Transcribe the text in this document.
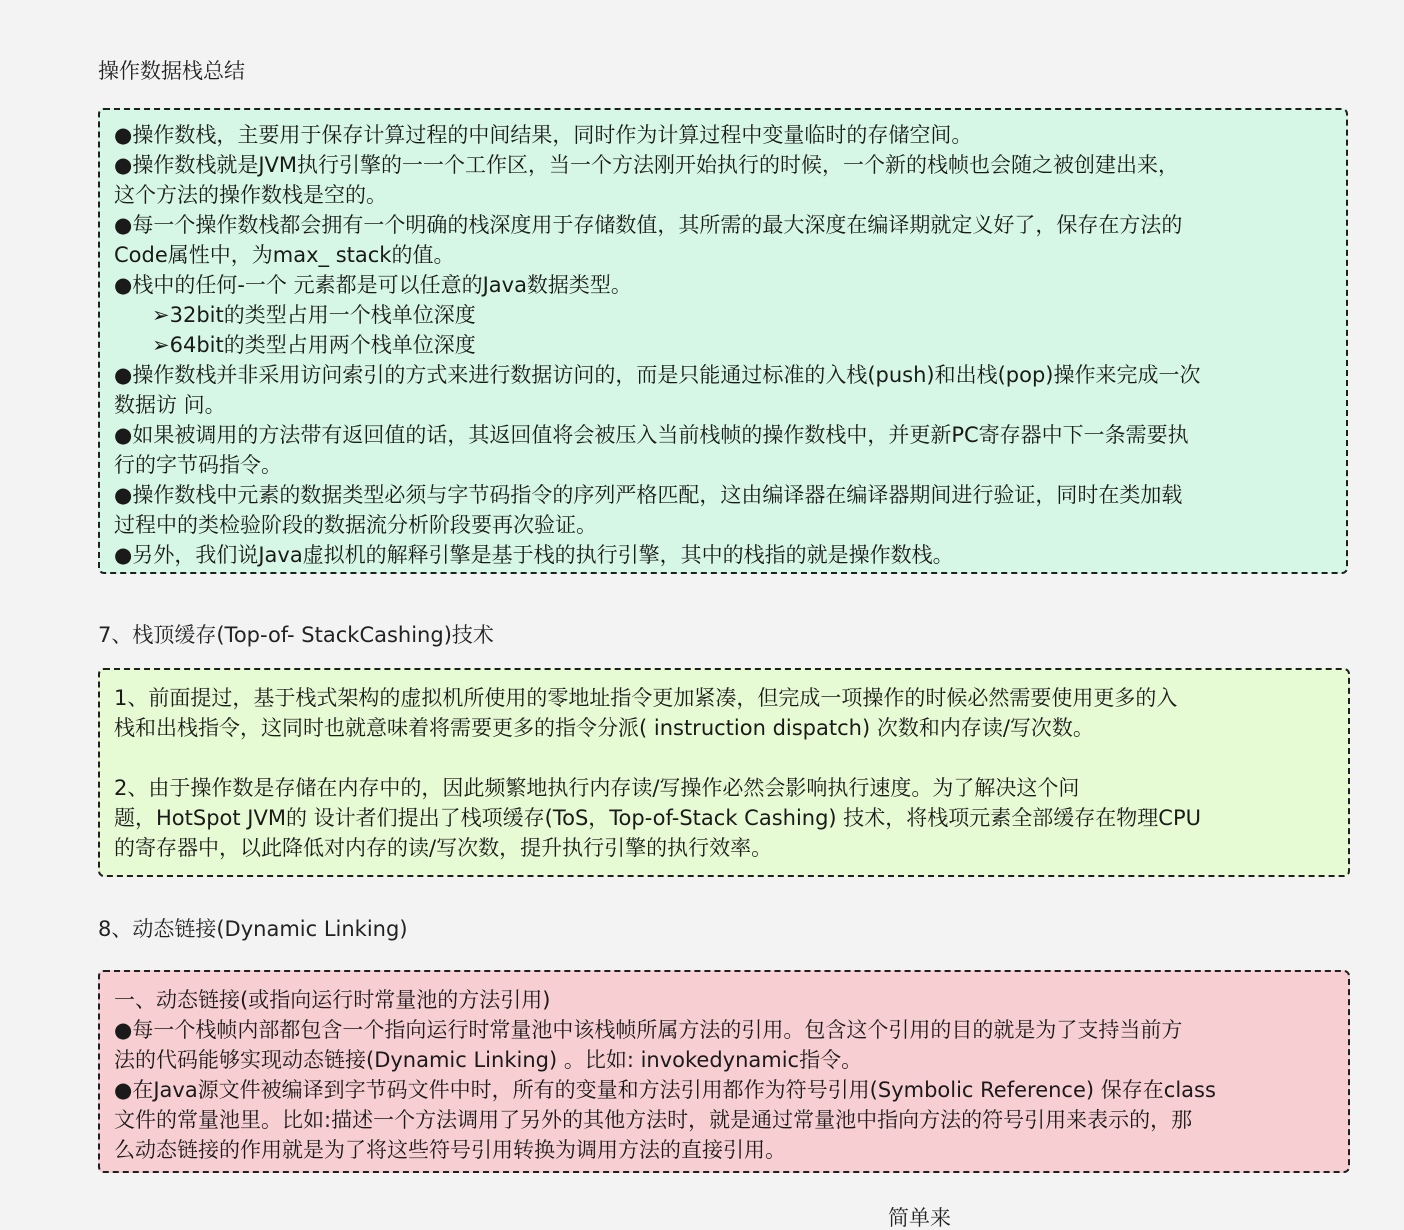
操作数据栈总结
●操作数栈，主要用于保存计算过程的中间结果，同时作为计算过程中变量临时的存储空间。
●操作数栈就是JVM执行引擎的一一个工作区，当一个方法刚开始执行的时候，一个新的栈帧也会随之被创建出来，
这个方法的操作数栈是空的。
●每一个操作数栈都会拥有一个明确的栈深度用于存储数值，其所需的最大深度在编译期就定义好了，保存在方法的
Code属性中，为max_ stack的值。
●栈中的任何-一个 元素都是可以任意的Java数据类型。
➢32bit的类型占用一个栈单位深度
➢64bit的类型占用两个栈单位深度
●操作数栈并非采用访问索引的方式来进行数据访问的，而是只能通过标准的入栈(push)和出栈(pop)操作来完成一次
数据访 问。
●如果被调用的方法带有返回值的话，其返回值将会被压入当前栈帧的操作数栈中，并更新PC寄存器中下一条需要执
行的字节码指令。
●操作数栈中元素的数据类型必须与字节码指令的序列严格匹配，这由编译器在编译器期间进行验证，同时在类加载
过程中的类检验阶段的数据流分析阶段要再次验证。
●另外，我们说Java虚拟机的解释引擎是基于栈的执行引擎，其中的栈指的就是操作数栈。
7、栈顶缓存(Top-of- StackCashing)技术
1、前面提过，基于栈式架构的虚拟机所使用的零地址指令更加紧凑，但完成一项操作的时候必然需要使用更多的入
栈和出栈指令，这同时也就意味着将需要更多的指令分派( instruction dispatch) 次数和内存读/写次数。
2、由于操作数是存储在内存中的，因此频繁地执行内存读/写操作必然会影响执行速度。为了解决这个问
题，HotSpot JVM的 设计者们提出了栈项缓存(ToS，Top-of-Stack Cashing) 技术，将栈项元素全部缓存在物理CPU
的寄存器中，以此降低对内存的读/写次数，提升执行引擎的执行效率。
8、动态链接(Dynamic Linking)
一、动态链接(或指向运行时常量池的方法引用)
●每一个栈帧内部都包含一个指向运行时常量池中该栈帧所属方法的引用。包含这个引用的目的就是为了支持当前方
法的代码能够实现动态链接(Dynamic Linking) 。比如: invokedynamic指令。
●在Java源文件被编译到字节码文件中时，所有的变量和方法引用都作为符号引用(Symbolic Reference) 保存在class
文件的常量池里。比如:描述一个方法调用了另外的其他方法时，就是通过常量池中指向方法的符号引用来表示的，那
么动态链接的作用就是为了将这些符号引用转换为调用方法的直接引用。
简单来
